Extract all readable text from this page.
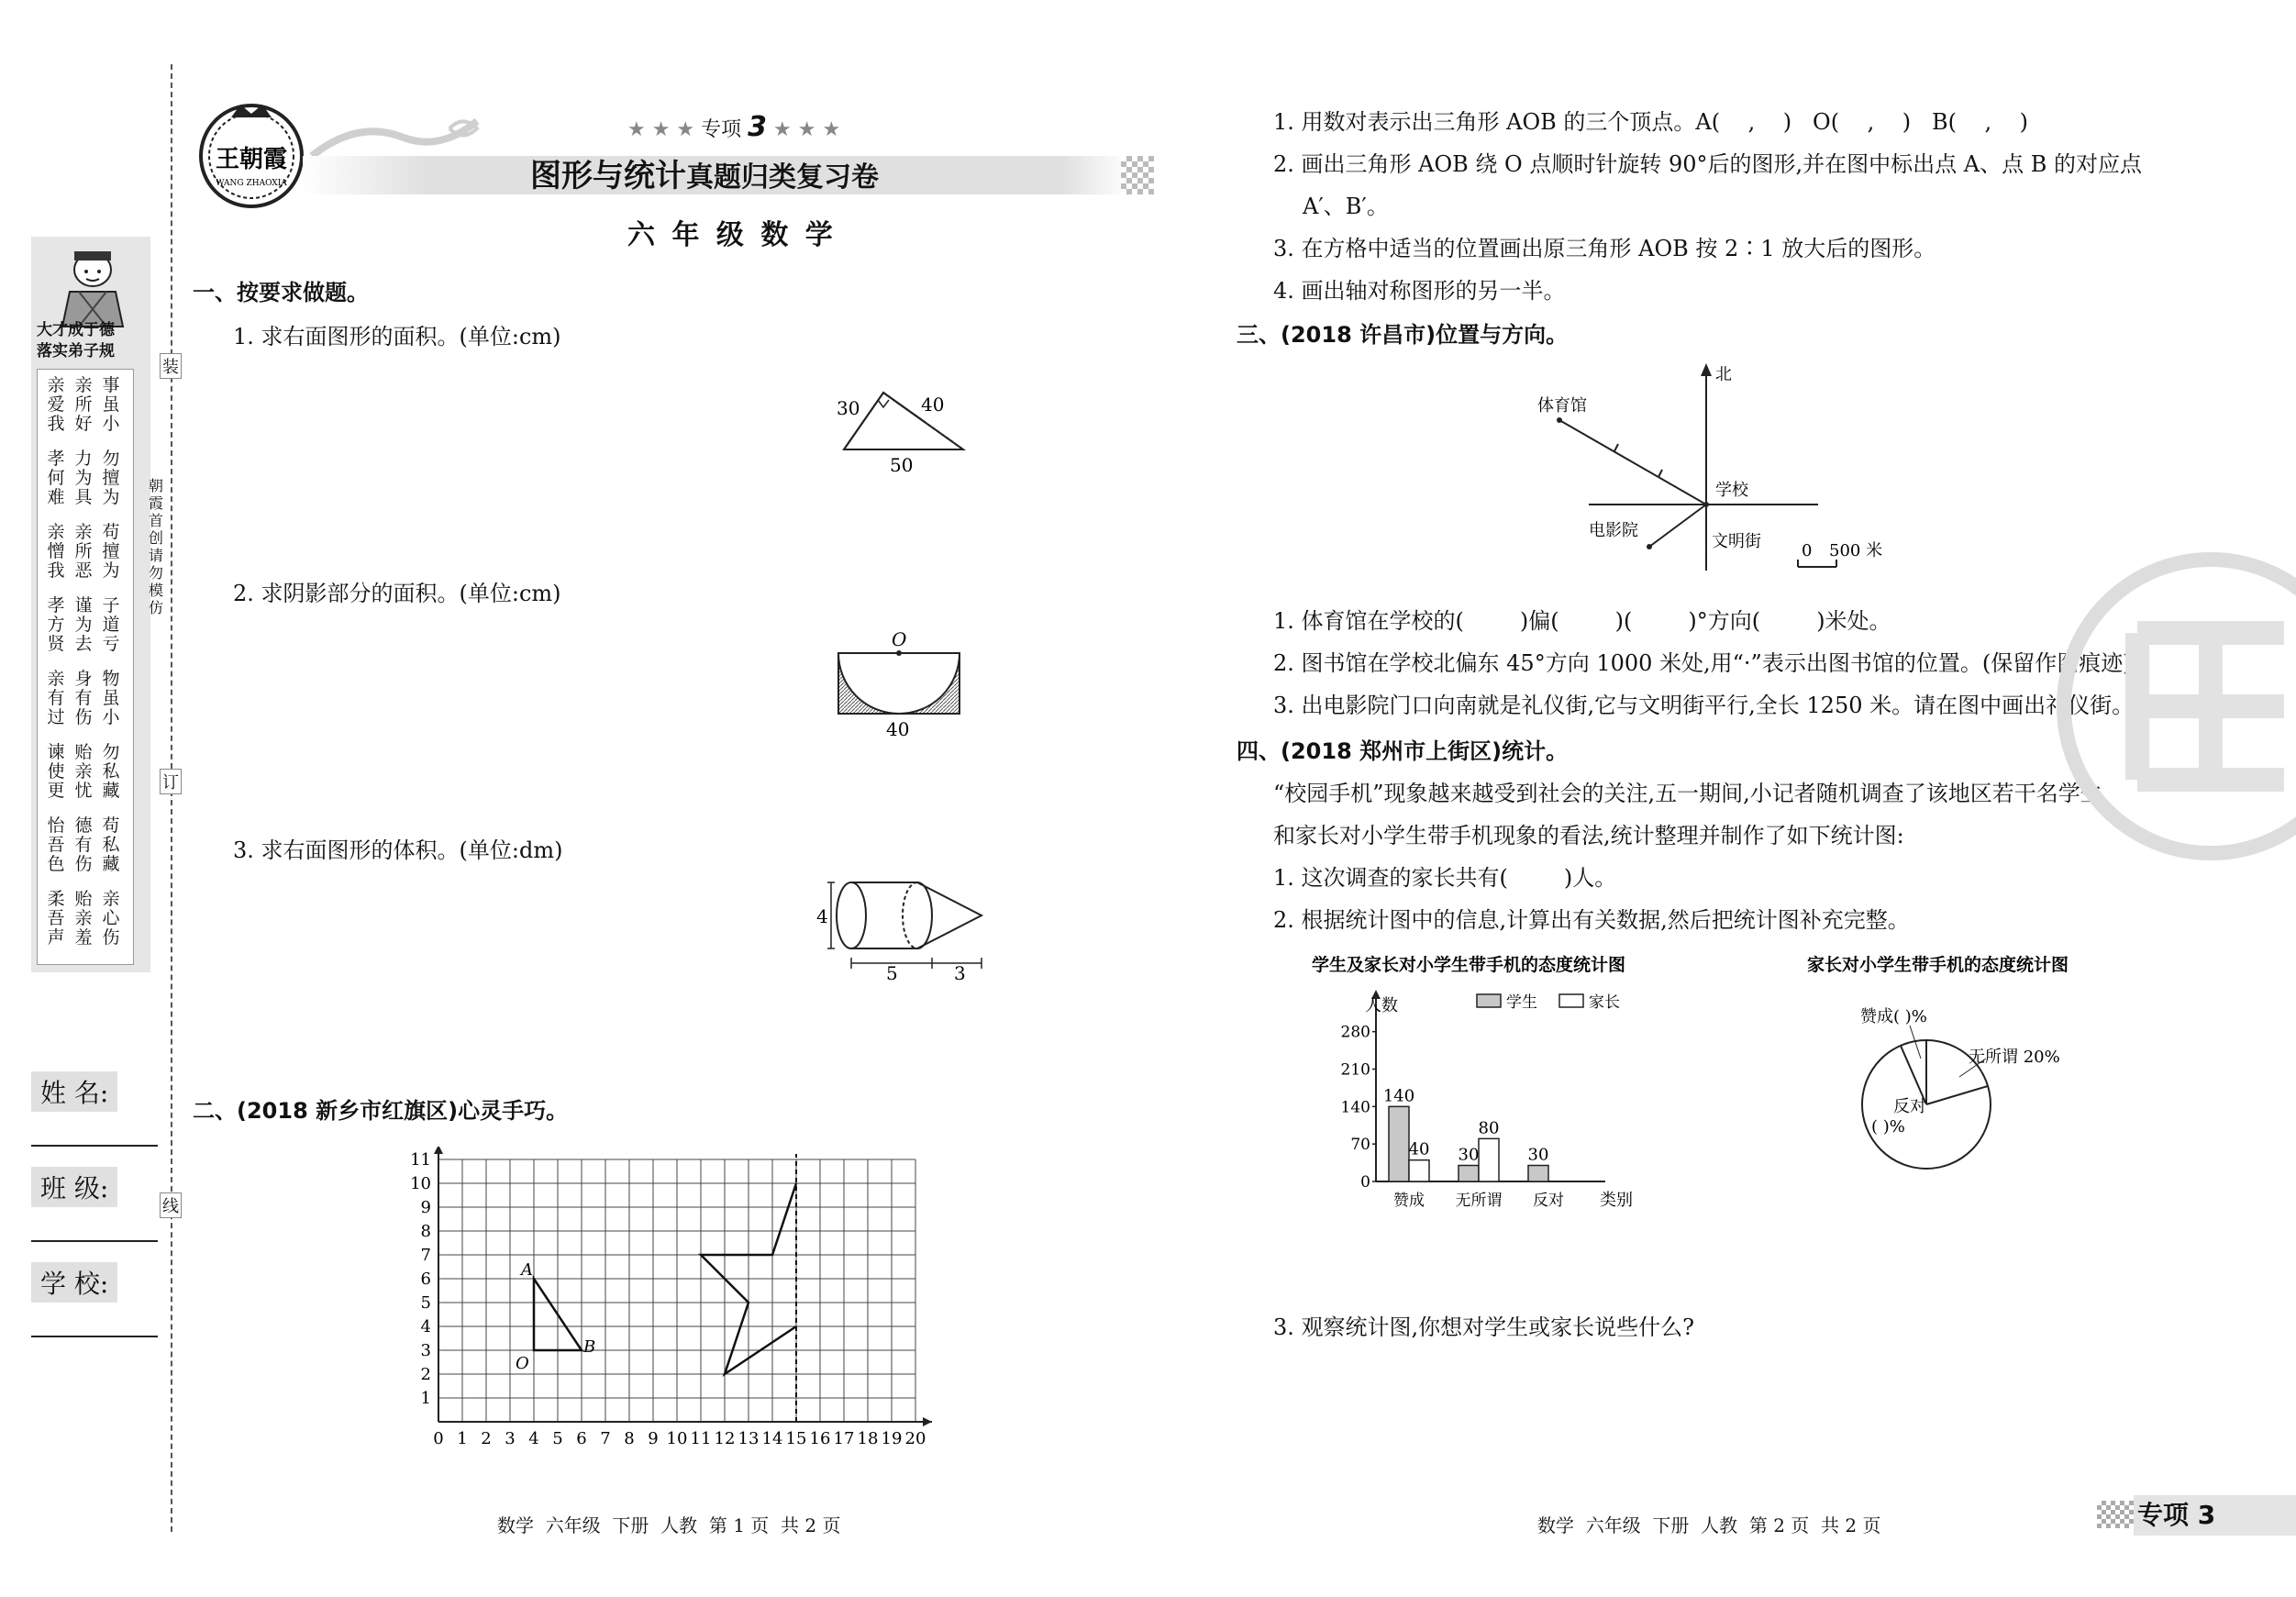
大才成于德
落实弟子规
亲爱我
亲所好
事虽小
孝何难
力为具
勿擅为
亲憎我
亲所恶
苟擅为
孝方贤
谨为去
子道亏
亲有过
身有伤
物虽小
谏使更
贻亲忧
勿私藏
怡吾色
德有伤
苟私藏
柔吾声
贻亲羞
亲心伤
朝霞首创 请勿模仿
装
订
线
姓 名:
班 级:
学 校:
王朝霞
WANG ZHAOXIA
★ ★ ★ 专项 3 ★ ★ ★
图形与统计真题归类复习卷
六 年 级 数 学
一、按要求做题。
1. 求右面图形的面积。(单位:cm)
30	40
50
2. 求阴影部分的面积。(单位:cm)
O
40
3. 求右面图形的体积。(单位:dm)
4
5	3
二、(2018 新乡市红旗区)心灵手巧。
0 1 2 3 4 5 6 7 8 9 10 11 12 13 14 15 16 17 18 19 20
1
2
3
4
5
6
7
8
9
10
11
A
B
O
数学  六年级  下册  人教  第 1 页  共 2 页
1. 用数对表示出三角形 AOB 的三个顶点。A(    ,    )   O(    ,    )   B(    ,    )
2. 画出三角形 AOB 绕 O 点顺时针旋转 90°后的图形,并在图中标出点 A、点 B 的对应点
A′、B′。
3. 在方格中适当的位置画出原三角形 AOB 按 2∶1 放大后的图形。
4. 画出轴对称图形的另一半。
三、(2018 许昌市)位置与方向。
北
体育馆
学校
电影院
文明街 0 500 米
1. 体育馆在学校的(        )偏(        )(        )°方向(        )米处。
2. 图书馆在学校北偏东 45°方向 1000 米处,用“·”表示出图书馆的位置。(保留作图痕迹)
3. 出电影院门口向南就是礼仪街,它与文明街平行,全长 1250 米。请在图中画出礼仪街。
四、(2018 郑州市上街区)统计。
“校园手机”现象越来越受到社会的关注,五一期间,小记者随机调查了该地区若干名学生
和家长对小学生带手机现象的看法,统计整理并制作了如下统计图:
1. 这次调查的家长共有(        )人。
2. 根据统计图中的信息,计算出有关数据,然后把统计图补充完整。
学生及家长对小学生带手机的态度统计图
人数
0
70
140
210
280
类别
学生	家长
赞成
140
40
无所谓
30
80
反对
30
家长对小学生带手机的态度统计图
赞成( )%
无所谓 20%
反对
( )%
3. 观察统计图,你想对学生或家长说些什么?
数学  六年级  下册  人教  第 2 页  共 2 页	专项 3
